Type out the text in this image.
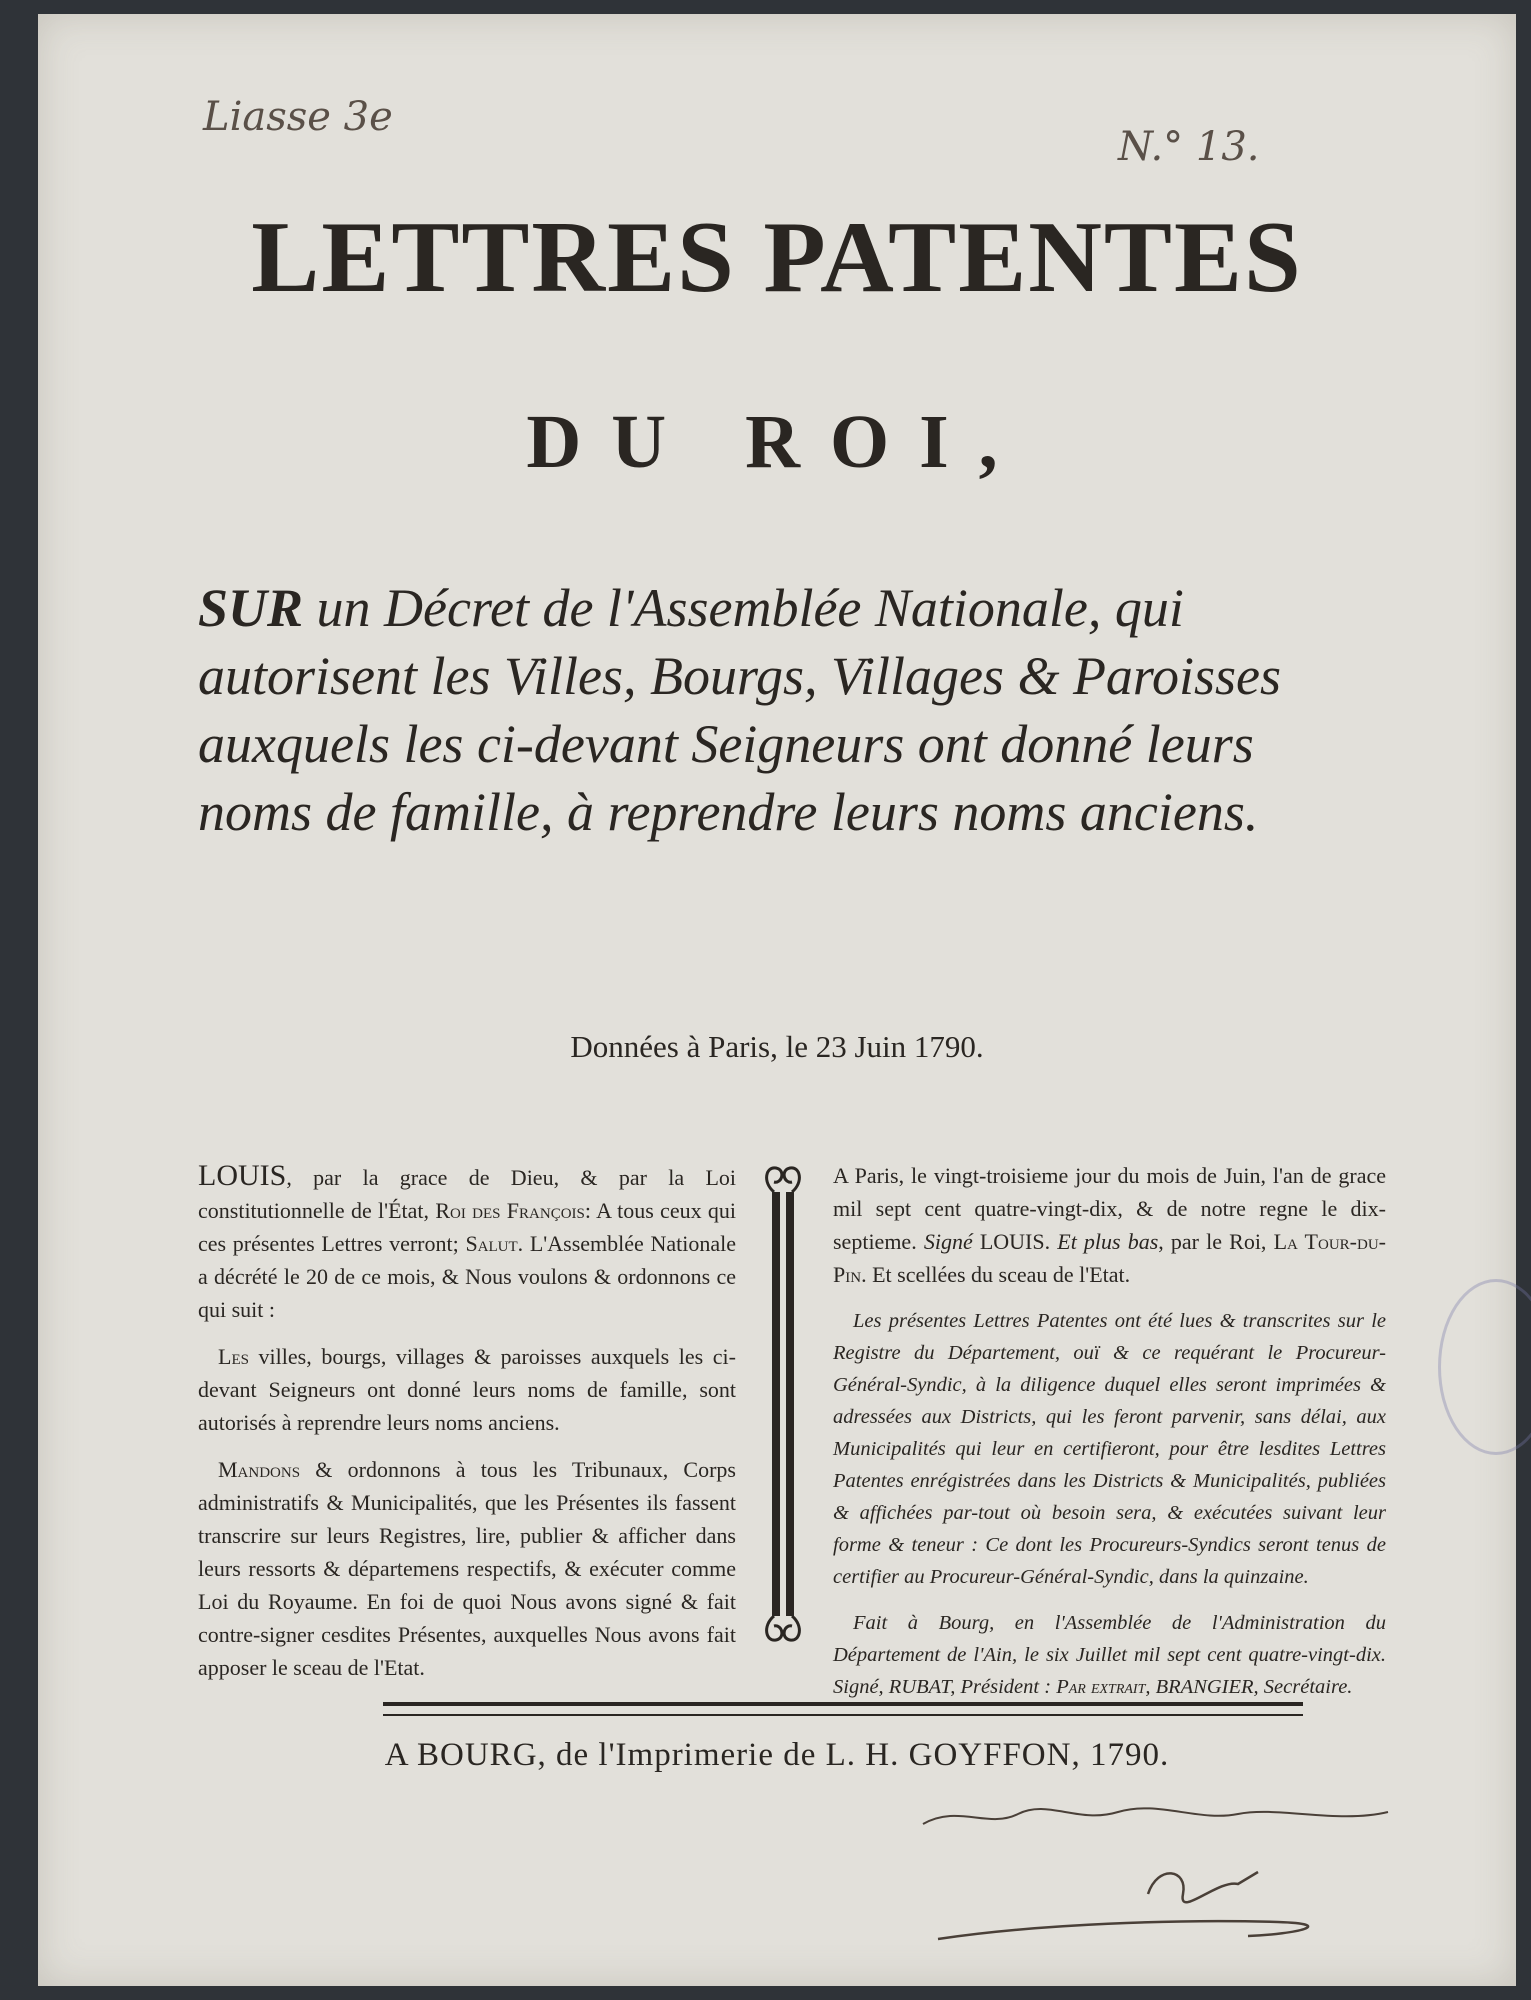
Liasse 3e
N.° 13.
LETTRES PATENTES
DU ROI,

SUR un Décret de l'Assemblée Nationale, qui autorisent les Villes, Bourgs, Villages & Paroisses auxquels les ci-devant Seigneurs ont donné leurs noms de famille, à reprendre leurs noms anciens.

Données à Paris, le 23 Juin 1790.

LOUIS, par la grace de Dieu, & par la Loi constitutionnelle de l'État, Roi des François: A tous ceux qui ces présentes Lettres verront; Salut. L'Assemblée Nationale a décrété le 20 de ce mois, & Nous voulons & ordonnons ce qui suit :

Les villes, bourgs, villages & paroisses auxquels les ci-devant Seigneurs ont donné leurs noms de famille, sont autorisés à reprendre leurs noms anciens.

Mandons & ordonnons à tous les Tribunaux, Corps administratifs & Municipalités, que les Présentes ils fassent transcrire sur leurs Registres, lire, publier & afficher dans leurs ressorts & départemens respectifs, & exécuter comme Loi du Royaume. En foi de quoi Nous avons signé & fait contre-signer cesdites Présentes, auxquelles Nous avons fait apposer le sceau de l'Etat.

A Paris, le vingt-troisieme jour du mois de Juin, l'an de grace mil sept cent quatre-vingt-dix, & de notre regne le dix-septieme. Signé LOUIS. Et plus bas, par le Roi, La Tour-du-Pin. Et scellées du sceau de l'Etat.

Les présentes Lettres Patentes ont été lues & transcrites sur le Registre du Département, ouï & ce requérant le Procureur-Général-Syndic, à la diligence duquel elles seront imprimées & adressées aux Districts, qui les feront parvenir, sans délai, aux Municipalités qui leur en certifieront, pour être lesdites Lettres Patentes enrégistrées dans les Districts & Municipalités, publiées & affichées par-tout où besoin sera, & exécutées suivant leur forme & teneur : Ce dont les Procureurs-Syndics seront tenus de certifier au Procureur-Général-Syndic, dans la quinzaine.

Fait à Bourg, en l'Assemblée de l'Administration du Département de l'Ain, le six Juillet mil sept cent quatre-vingt-dix. Signé, RUBAT, Président : Par extrait, BRANGIER, Secrétaire.

A BOURG, de l'Imprimerie de L. H. GOYFFON, 1790.
